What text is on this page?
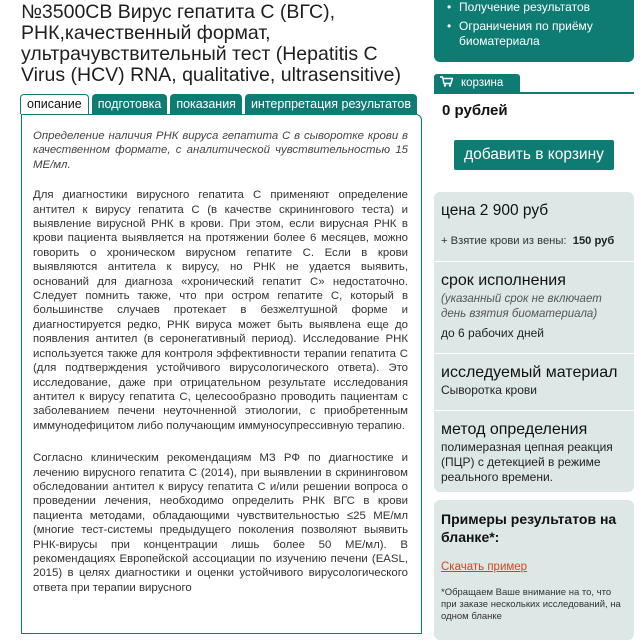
№3500СВ Вирус гепатита С (ВГС), РНК,качественный формат, ультрачувствительный тест (Hepatitis C Virus (HCV) RNA, qualitative, ultrasensitive)
описание	подготовка	показания	интерпретация результатов

Определение наличия РНК вируса гепатита С в сыворотке крови в качественном формате, с аналитической чувствительностью 15 МЕ/мл.

Для диагностики вирусного гепатита С применяют определение антител к вирусу гепатита С (в качестве скринингового теста) и выявление вирусной РНК в крови. При этом, если вирусная РНК в крови пациента выявляется на протяжении более 6 месяцев, можно говорить о хроническом вирусном гепатите С. Если в крови выявляются антитела к вирусу, но РНК не удается выявить, оснований для диагноза «хронический гепатит С» недостаточно. Следует помнить также, что при остром гепатите С, который в большинстве случаев протекает в безжелтушной форме и диагностируется редко, РНК вируса может быть выявлена еще до появления антител (в серонегативный период). Исследование РНК используется также для контроля эффективности терапии гепатита С (для подтверждения устойчивого вирусологического ответа). Это исследование, даже при отрицательном результате исследования антител к вирусу гепатита С, целесообразно проводить пациентам с заболеванием печени неуточненной этиологии, с приобретенным иммунодефицитом либо получающим иммуносупрессивную терапию.

Согласно клиническим рекомендациям МЗ РФ по диагностике и лечению вирусного гепатита С (2014), при выявлении в скрининговом обследовании антител к вирусу гепатита С и/или решении вопроса о проведении лечения, необходимо определить РНК ВГС в крови пациента методами, обладающими чувствительностью ≤25 МЕ/мл (многие тест-системы предыдущего поколения позволяют выявить РНК-вирусы при концентрации лишь более 50 МЕ/мл). В рекомендациях Европейской ассоциации по изучению печени (EASL, 2015) в целях диагностики и оценки устойчивого вирусологического ответа при терапии вирусного

• Получение результатов
• Ограничения по приёму биоматериала
корзина
0 рублей
добавить в корзину
цена 2 900 руб
+ Взятие крови из вены: 150 руб
срок исполнения
(указанный срок не включает день взятия биоматериала)
до 6 рабочих дней
исследуемый материал
Сыворотка крови
метод определения
полимеразная цепная реакция (ПЦР) с детекцией в режиме реального времени.
Примеры результатов на бланке*:
Скачать пример
*Обращаем Ваше внимание на то, что при заказе нескольких исследований, на одном бланке
